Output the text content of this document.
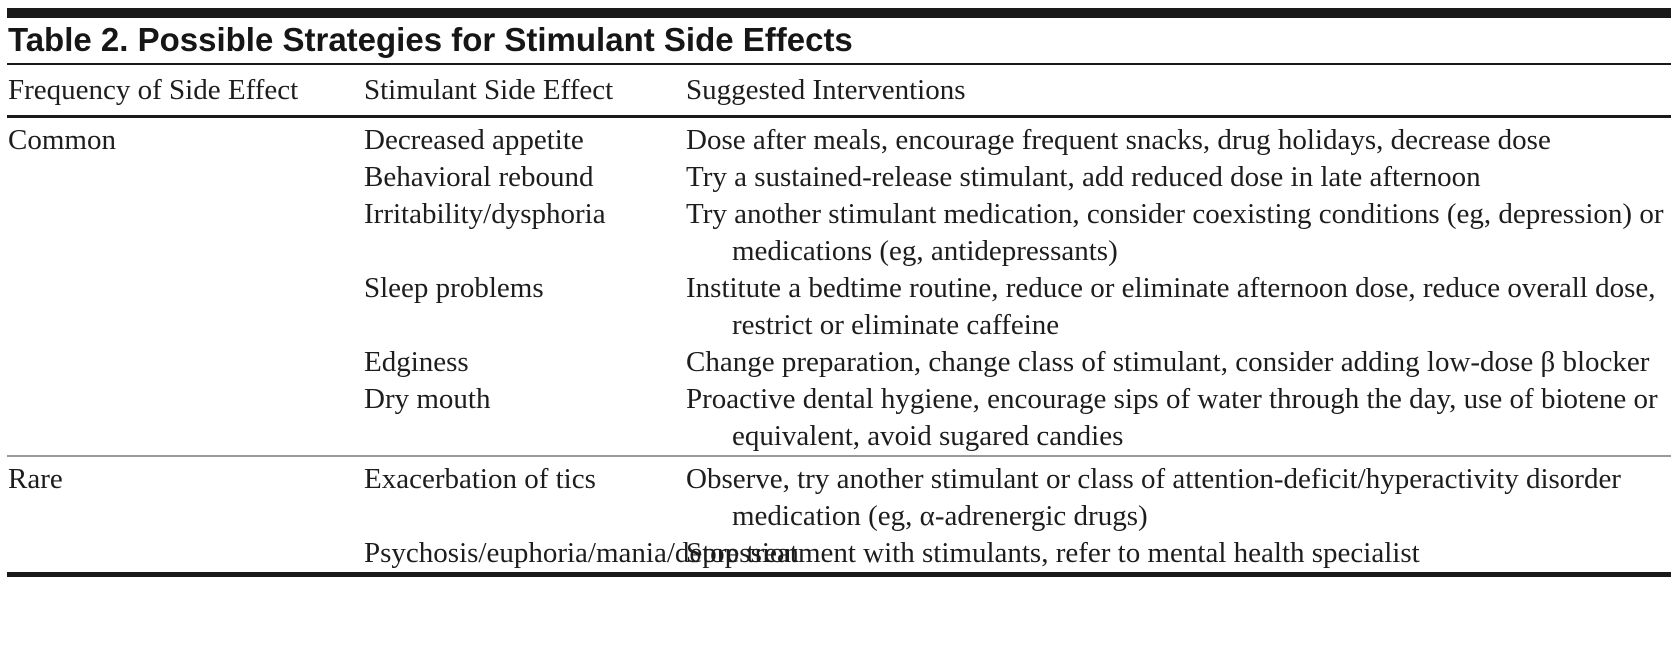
Table 2. Possible Strategies for Stimulant Side Effects
Frequency of Side Effect	Stimulant Side Effect	Suggested Interventions
Common	Decreased appetite	Dose after meals, encourage frequent snacks, drug holidays, decrease dose
	Behavioral rebound	Try a sustained-release stimulant, add reduced dose in late afternoon
	Irritability/dysphoria	Try another stimulant medication, consider coexisting conditions (eg, depression) or medications (eg, antidepressants)
	Sleep problems	Institute a bedtime routine, reduce or eliminate afternoon dose, reduce overall dose, restrict or eliminate caffeine
	Edginess	Change preparation, change class of stimulant, consider adding low-dose β blocker
	Dry mouth	Proactive dental hygiene, encourage sips of water through the day, use of biotene or equivalent, avoid sugared candies
Rare	Exacerbation of tics	Observe, try another stimulant or class of attention-deficit/hyperactivity disorder medication (eg, α-adrenergic drugs)
	Psychosis/euphoria/mania/depression	Stop treatment with stimulants, refer to mental health specialist
